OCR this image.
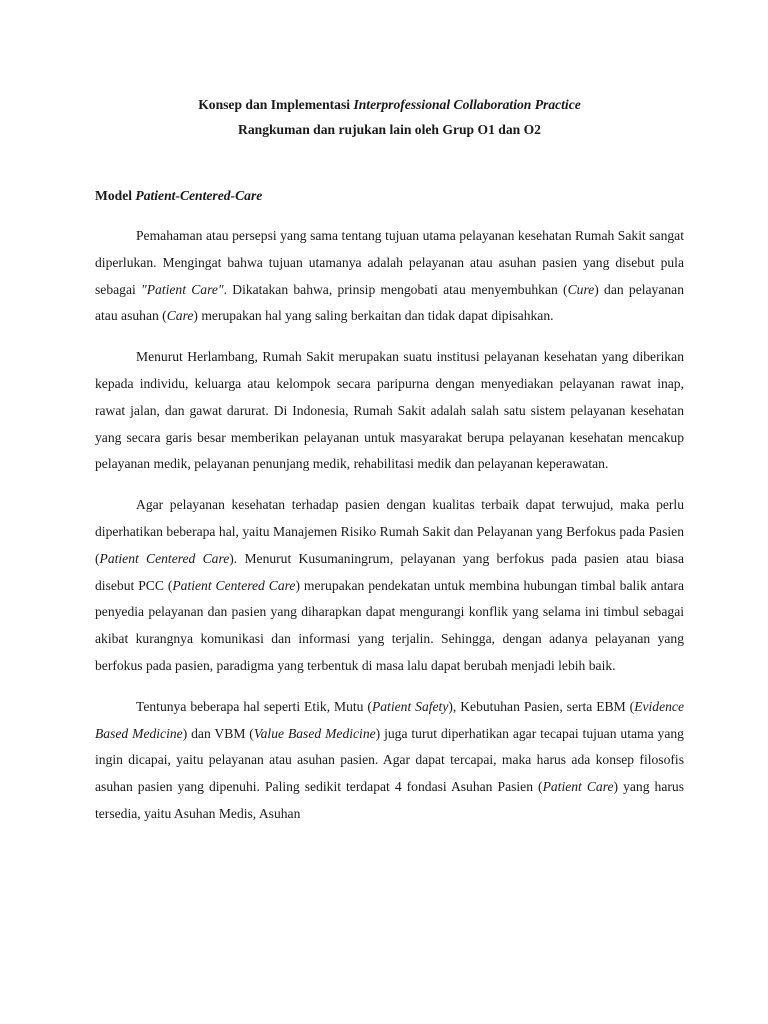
Konsep dan Implementasi Interprofessional Collaboration Practice

Rangkuman dan rujukan lain oleh Grup O1 dan O2

Model Patient-Centered-Care

Pemahaman atau persepsi yang sama tentang tujuan utama pelayanan kesehatan Rumah Sakit sangat diperlukan. Mengingat bahwa tujuan utamanya adalah pelayanan atau asuhan pasien yang disebut pula sebagai "Patient Care". Dikatakan bahwa, prinsip mengobati atau menyembuhkan (Cure) dan pelayanan atau asuhan (Care) merupakan hal yang saling berkaitan dan tidak dapat dipisahkan.

Menurut Herlambang, Rumah Sakit merupakan suatu institusi pelayanan kesehatan yang diberikan kepada individu, keluarga atau kelompok secara paripurna dengan menyediakan pelayanan rawat inap, rawat jalan, dan gawat darurat. Di Indonesia, Rumah Sakit adalah salah satu sistem pelayanan kesehatan yang secara garis besar memberikan pelayanan untuk masyarakat berupa pelayanan kesehatan mencakup pelayanan medik, pelayanan penunjang medik, rehabilitasi medik dan pelayanan keperawatan.

Agar pelayanan kesehatan terhadap pasien dengan kualitas terbaik dapat terwujud, maka perlu diperhatikan beberapa hal, yaitu Manajemen Risiko Rumah Sakit dan Pelayanan yang Berfokus pada Pasien (Patient Centered Care). Menurut Kusumaningrum, pelayanan yang berfokus pada pasien atau biasa disebut PCC (Patient Centered Care) merupakan pendekatan untuk membina hubungan timbal balik antara penyedia pelayanan dan pasien yang diharapkan dapat mengurangi konflik yang selama ini timbul sebagai akibat kurangnya komunikasi dan informasi yang terjalin. Sehingga, dengan adanya pelayanan yang berfokus pada pasien, paradigma yang terbentuk di masa lalu dapat berubah menjadi lebih baik.

Tentunya beberapa hal seperti Etik, Mutu (Patient Safety), Kebutuhan Pasien, serta EBM (Evidence Based Medicine) dan VBM (Value Based Medicine) juga turut diperhatikan agar tecapai tujuan utama yang ingin dicapai, yaitu pelayanan atau asuhan pasien. Agar dapat tercapai, maka harus ada konsep filosofis asuhan pasien yang dipenuhi. Paling sedikit terdapat 4 fondasi Asuhan Pasien (Patient Care) yang harus tersedia, yaitu Asuhan Medis, Asuhan
